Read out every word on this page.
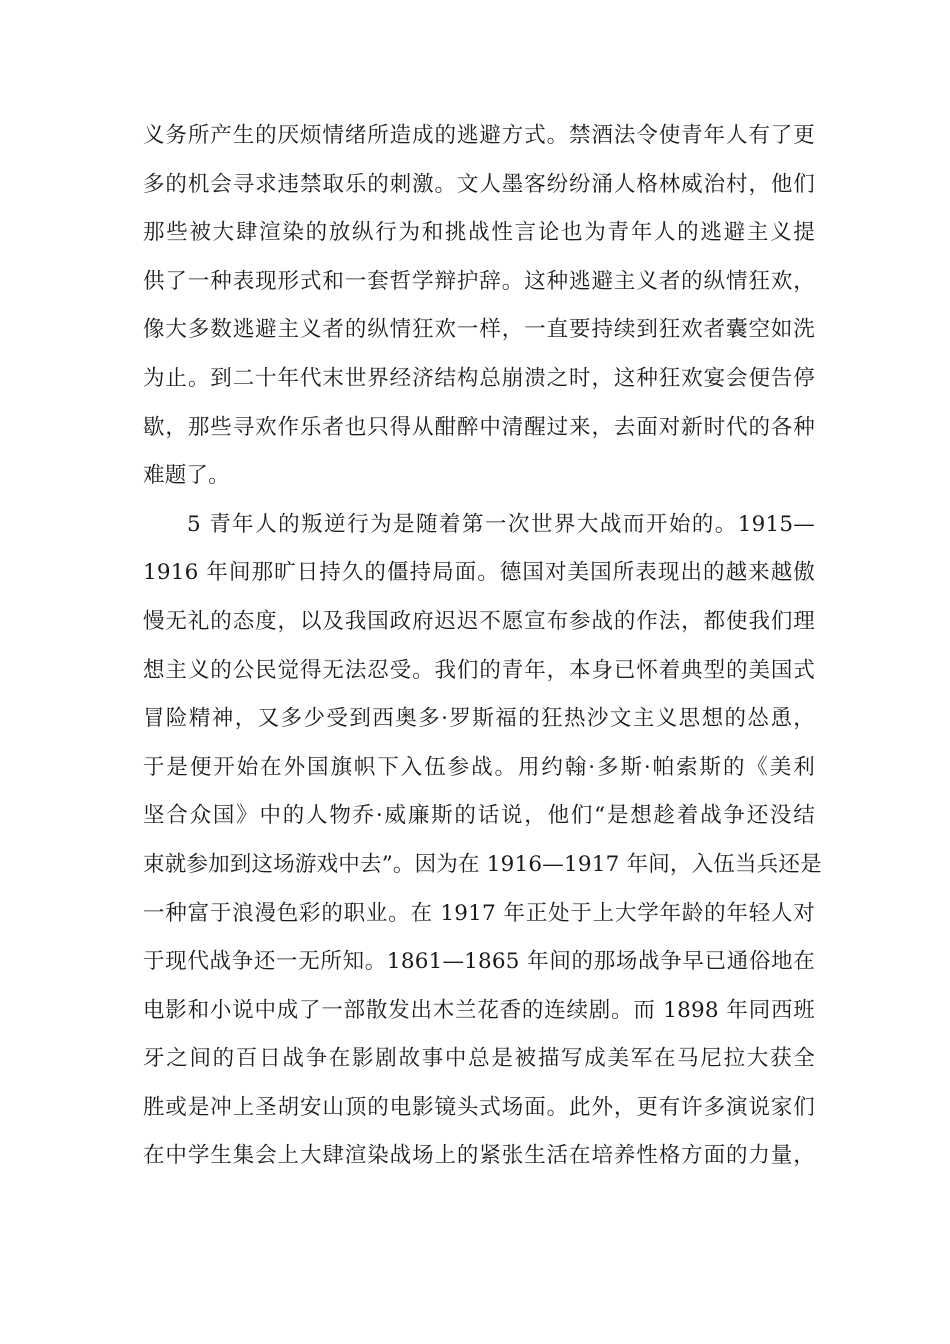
义务所产生的厌烦情绪所造成的逃避方式。禁酒法令使青年人有了更
多的机会寻求违禁取乐的刺激。文人墨客纷纷涌人格林威治村，他们
那些被大肆渲染的放纵行为和挑战性言论也为青年人的逃避主义提
供了一种表现形式和一套哲学辩护辞。这种逃避主义者的纵情狂欢，
像大多数逃避主义者的纵情狂欢一样，一直要持续到狂欢者囊空如洗
为止。到二十年代末世界经济结构总崩溃之时，这种狂欢宴会便告停
歇，那些寻欢作乐者也只得从酣醉中清醒过来，去面对新时代的各种
难题了。
5 青年人的叛逆行为是随着第一次世界大战而开始的。1915—
1916 年间那旷日持久的僵持局面。德国对美国所表现出的越来越傲
慢无礼的态度，以及我国政府迟迟不愿宣布参战的作法，都使我们理
想主义的公民觉得无法忍受。我们的青年，本身已怀着典型的美国式
冒险精神，又多少受到西奥多·罗斯福的狂热沙文主义思想的怂恿，
于是便开始在外国旗帜下入伍参战。用约翰·多斯·帕索斯的《美利
坚合众国》中的人物乔·威廉斯的话说，他们“是想趁着战争还没结
束就参加到这场游戏中去”。因为在 1916—1917 年间，入伍当兵还是
一种富于浪漫色彩的职业。在 1917 年正处于上大学年龄的年轻人对
于现代战争还一无所知。1861—1865 年间的那场战争早已通俗地在
电影和小说中成了一部散发出木兰花香的连续剧。而 1898 年同西班
牙之间的百日战争在影剧故事中总是被描写成美军在马尼拉大获全
胜或是冲上圣胡安山顶的电影镜头式场面。此外，更有许多演说家们
在中学生集会上大肆渲染战场上的紧张生活在培养性格方面的力量，
